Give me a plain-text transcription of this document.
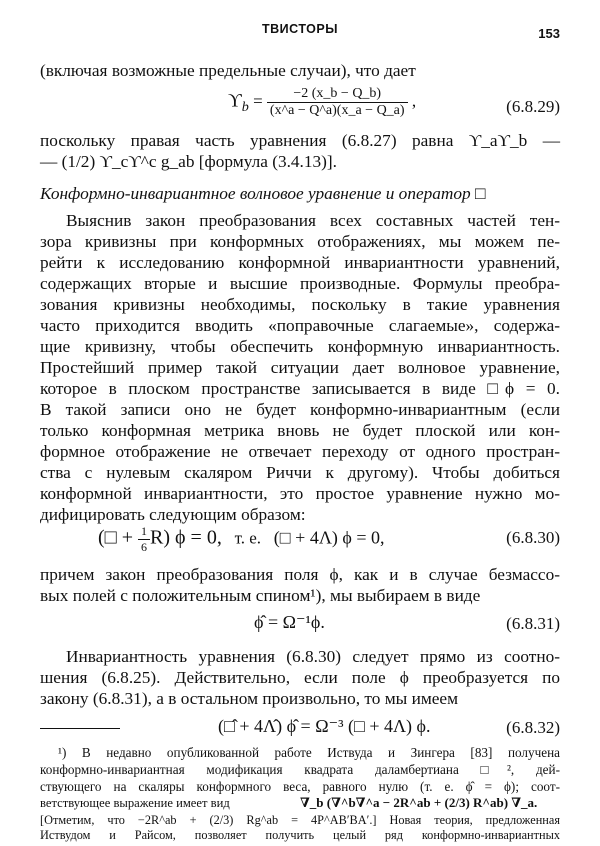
ТВИСТОРЫ	153
(включая возможные предельные случаи), что дает
$ϒ_b = \frac{-2 (x\_b - Q\_b)}{(x\^{}a - Q\^{}a)(x\_a - Q\_a)}$ ,	(6.8.29)
поскольку правая часть уравнения (6.8.27) равна ϒ_aϒ_b —
— (1/2) ϒ_cϒ^c g_ab [формула (3.4.13)].
Конформно-инвариантное волновое уравнение и оператор □
Выяснив закон преобразования всех составных частей тен-
зора кривизны при конформных отображениях, мы можем пе-
рейти к исследованию конформной инвариантности уравнений,
содержащих вторые и высшие производные. Формулы преобра-
зования кривизны необходимы, поскольку в такие уравнения
часто приходится вводить «поправочные слагаемые», содержа-
щие кривизну, чтобы обеспечить конформную инвариантность.
Простейший пример такой ситуации дает волновое уравнение,
которое в плоском пространстве записывается в виде □ϕ = 0.
В такой записи оно не будет конформно-инвариантным (если
только конформная метрика вновь не будет плоской или кон-
формное отображение не отвечает переходу от одного простран-
ства с нулевым скаляром Риччи к другому). Чтобы добиться
конформной инвариантности, это простое уравнение нужно мо-
дифицировать следующим образом:
(□ + $\frac{1}{6} R$) ϕ = 0, т. е. (□ + 4Λ) ϕ = 0,	(6.8.30)
причем закон преобразования поля ϕ, как и в случае безмассо-
вых полей с положительным спином¹), мы выбираем в виде
ϕ̂ = Ω⁻¹ϕ.	(6.8.31)
Инвариантность уравнения (6.8.30) следует прямо из соотно-
шения (6.8.25). Действительно, если поле ϕ преобразуется по
закону (6.8.31), а в остальном произвольно, то мы имеем
(□̂ + 4Λ̂) ϕ̂ = Ω⁻³ (□ + 4Λ) ϕ.	(6.8.32)
¹) В недавно опубликованной работе Иствуда и Зингера [83] получена
конформно-инвариантная модификация квадрата даламбертиана □², дей-
ствующего на скаляры конформного веса, равного нулю (т. е. ϕ̂ = ϕ); соот-
ветствующее выражение имеет вид	∇_b (∇^b∇^a − 2R^ab + (2/3) R^ab) ∇_a.
[Отметим, что −2R^ab + (2/3) Rg^ab = 4P^AB′BA′.] Новая теория, предложенная
Иствудом и Райсом, позволяет получить целый ряд конформно-инвариантных
